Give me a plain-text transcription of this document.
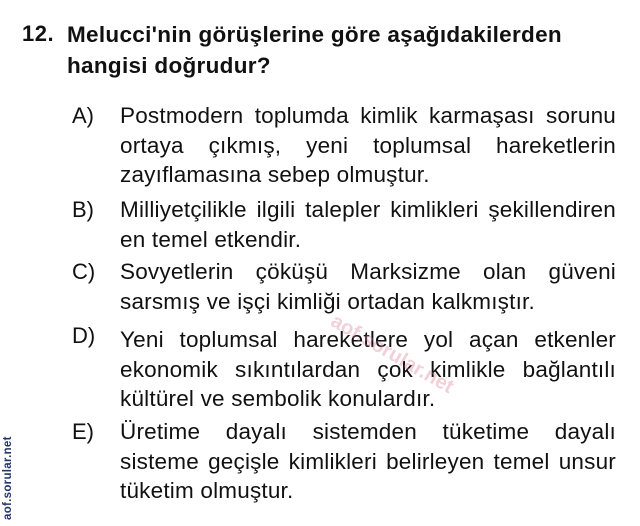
12. Melucci'nin görüşlerine göre aşağıdakilerden hangisi doğrudur?
A) Postmodern toplumda kimlik karmaşası sorunu ortaya çıkmış, yeni toplumsal hareketlerin zayıflamasına sebep olmuştur.
B) Milliyetçilikle ilgili talepler kimlikleri şekillendiren en temel etkendir.
C) Sovyetlerin çöküşü Marksizme olan güveni sarsmış ve işçi kimliği ortadan kalkmıştır.
D) Yeni toplumsal hareketlere yol açan etkenler ekonomik sıkıntılardan çok kimlikle bağlantılı kültürel ve sembolik konulardır.
E) Üretime dayalı sistemden tüketime dayalı sisteme geçişle kimlikleri belirleyen temel unsur tüketim olmuştur.
aof.sorular.net
aof.sorular.net
